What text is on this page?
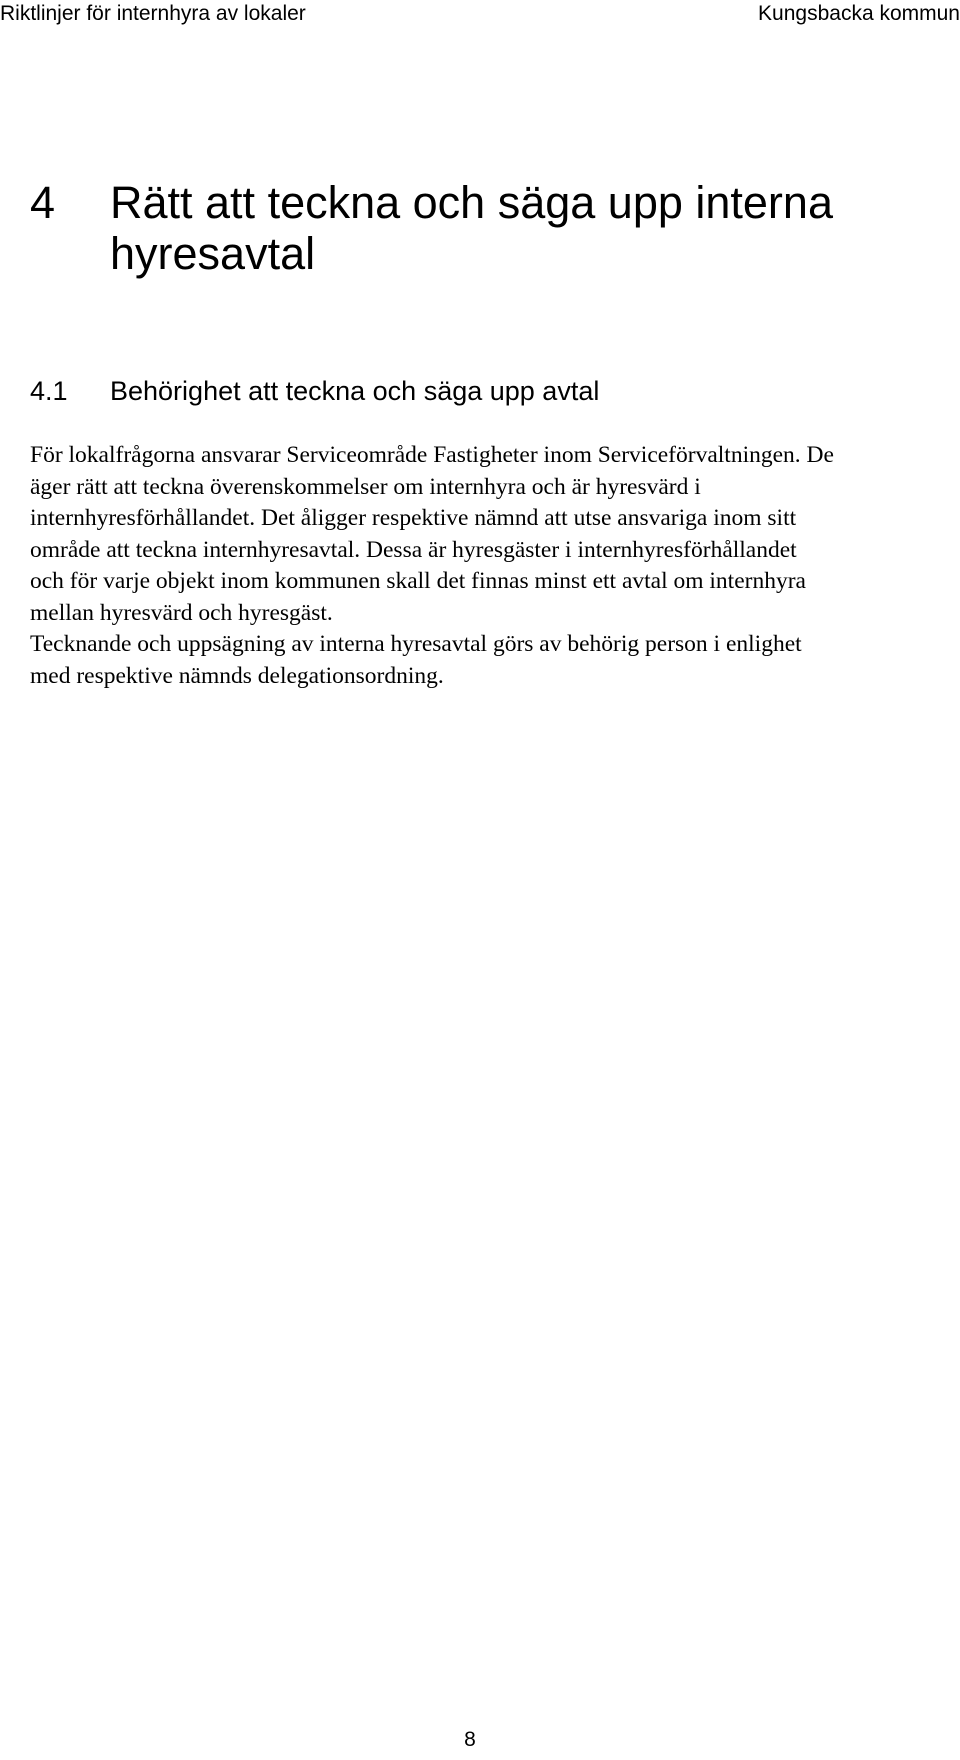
Riktlinjer för internhyra av lokaler	Kungsbacka kommun
4	Rätt att teckna och säga upp interna
hyresavtal
4.1	Behörighet att teckna och säga upp avtal

För lokalfrågorna ansvarar Serviceområde Fastigheter inom Serviceförvaltningen. De

äger rätt att teckna överenskommelser om internhyra och är hyresvärd i

internhyresförhållandet. Det åligger respektive nämnd att utse ansvariga inom sitt

område att teckna internhyresavtal. Dessa är hyresgäster i internhyresförhållandet

och för varje objekt inom kommunen skall det finnas minst ett avtal om internhyra

mellan hyresvärd och hyresgäst.

Tecknande och uppsägning av interna hyresavtal görs av behörig person i enlighet

med respektive nämnds delegationsordning.

8
